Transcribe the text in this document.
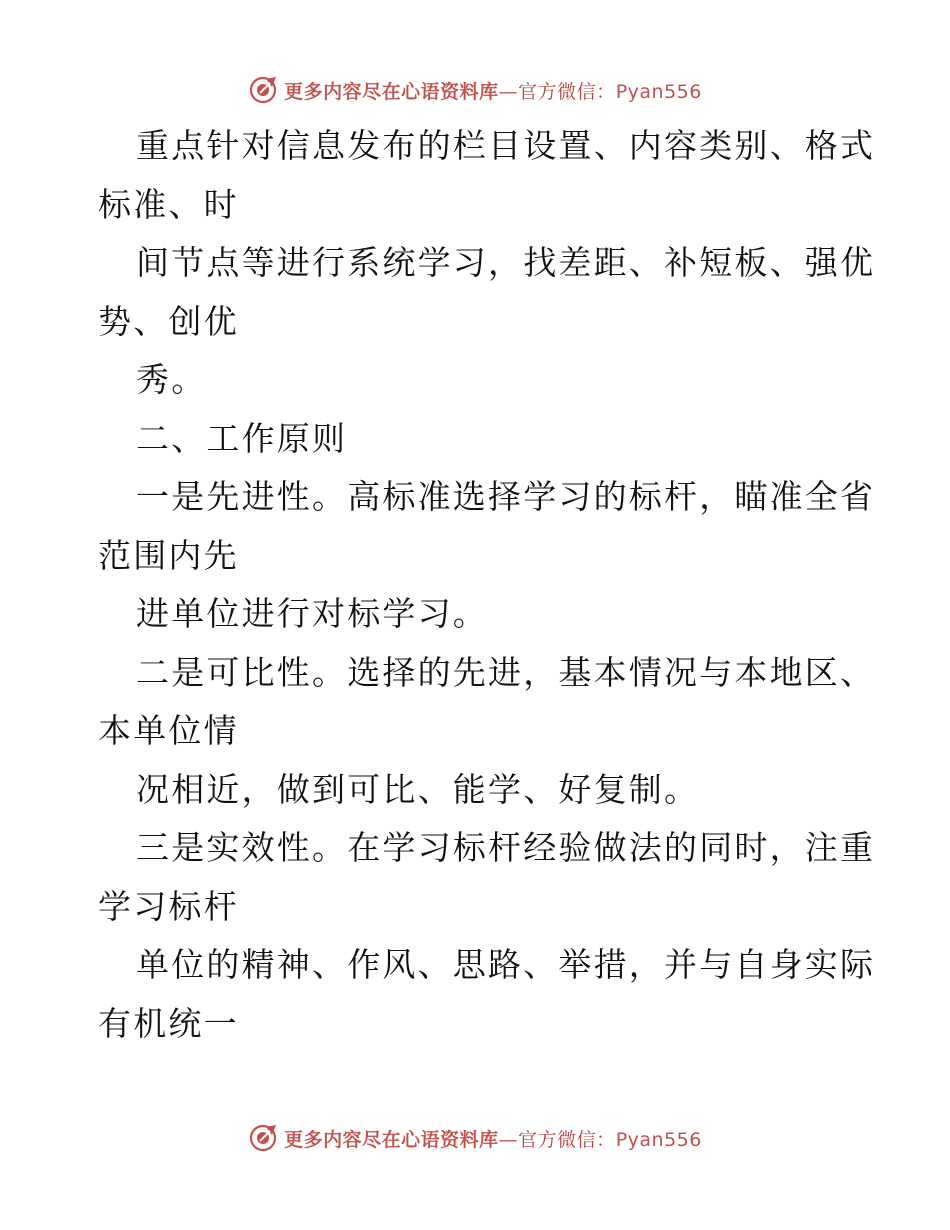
更多内容尽在心语资料库—官方微信：Pyan556
重点针对信息发布的栏目设置、内容类别、格式
标准、时
间节点等进行系统学习，找差距、补短板、强优
势、创优
秀。
二、工作原则
一是先进性。高标准选择学习的标杆，瞄准全省
范围内先
进单位进行对标学习。
二是可比性。选择的先进，基本情况与本地区、
本单位情
况相近，做到可比、能学、好复制。
三是实效性。在学习标杆经验做法的同时，注重
学习标杆
单位的精神、作风、思路、举措，并与自身实际
有机统一
更多内容尽在心语资料库—官方微信：Pyan556
